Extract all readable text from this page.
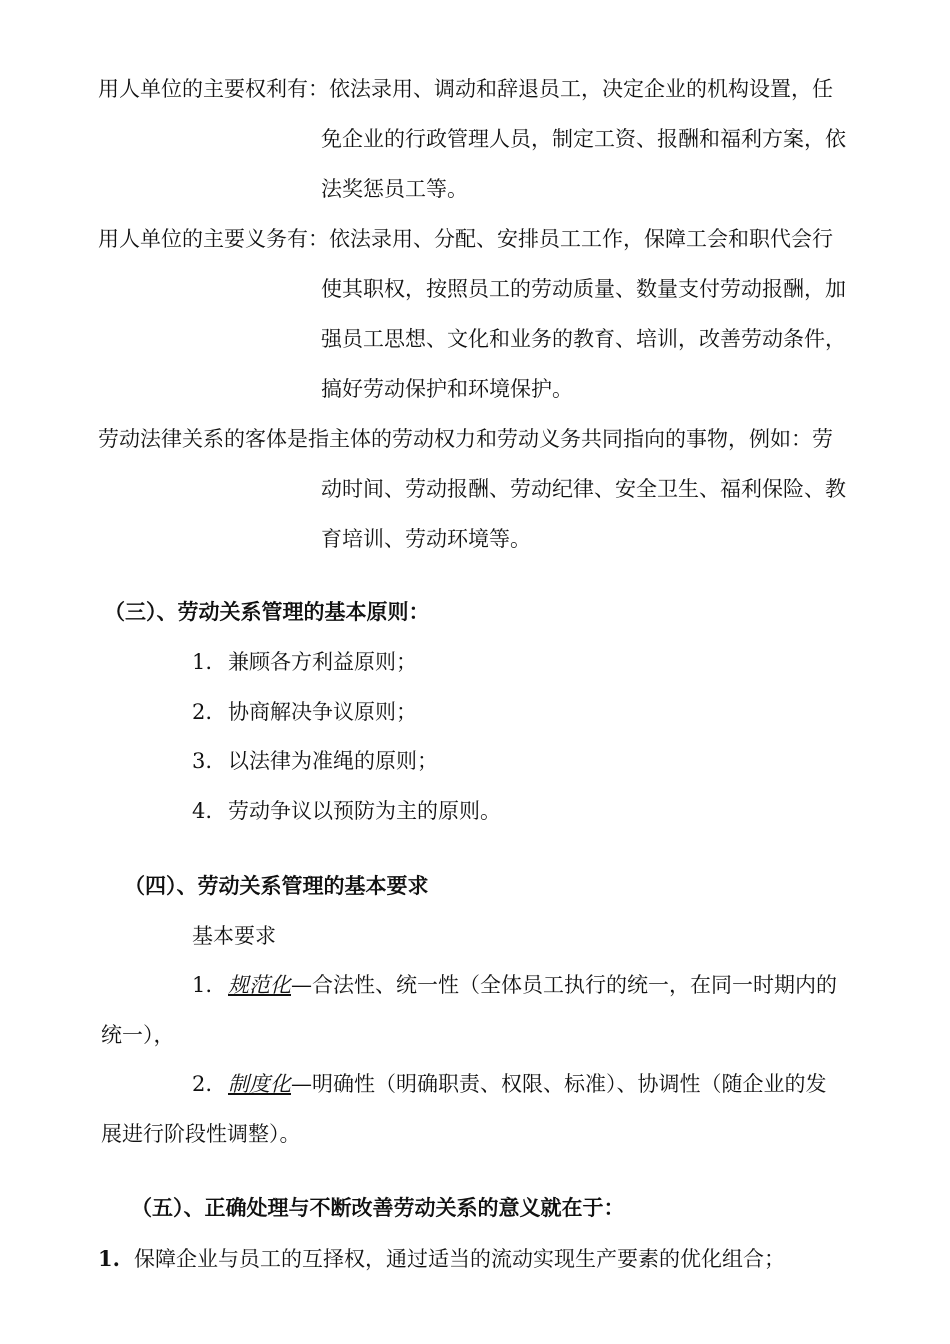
用人单位的主要权利有：依法录用、调动和辞退员工，决定企业的机构设置，任
免企业的行政管理人员，制定工资、报酬和福利方案，依
法奖惩员工等。
用人单位的主要义务有：依法录用、分配、安排员工工作，保障工会和职代会行
使其职权，按照员工的劳动质量、数量支付劳动报酬，加
强员工思想、文化和业务的教育、培训，改善劳动条件，
搞好劳动保护和环境保护。
劳动法律关系的客体是指主体的劳动权力和劳动义务共同指向的事物，例如：劳
动时间、劳动报酬、劳动纪律、安全卫生、福利保险、教
育培训、劳动环境等。
（三）、劳动关系管理的基本原则：
1. 兼顾各方利益原则；
2. 协商解决争议原则；
3. 以法律为准绳的原则；
4. 劳动争议以预防为主的原则。
（四）、劳动关系管理的基本要求
基本要求
1. 规范化—合法性、统一性（全体员工执行的统一，在同一时期内的
统一），
2. 制度化—明确性（明确职责、权限、标准）、协调性（随企业的发
展进行阶段性调整）。
（五）、正确处理与不断改善劳动关系的意义就在于：
1. 保障企业与员工的互择权，通过适当的流动实现生产要素的优化组合；
